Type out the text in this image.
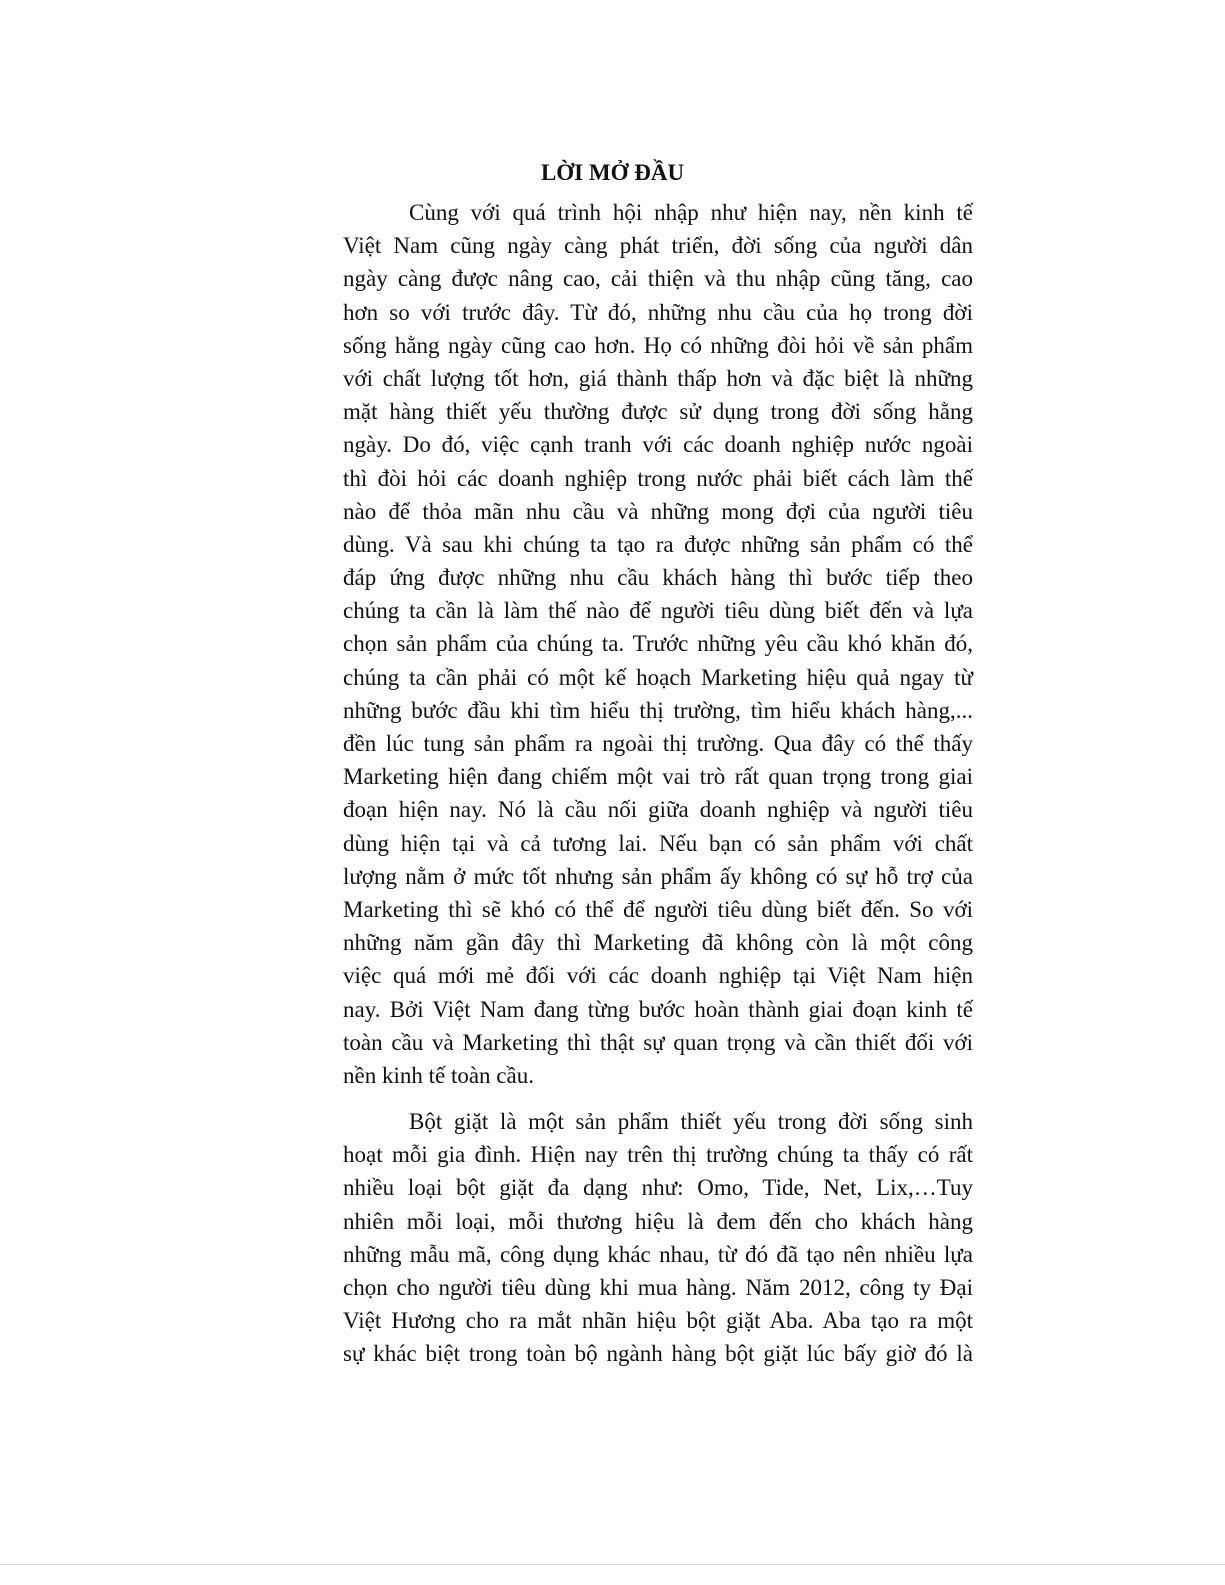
LỜI MỞ ĐẦU
Cùng với quá trình hội nhập như hiện nay, nền kinh tế
Việt Nam cũng ngày càng phát triển, đời sống của người dân
ngày càng được nâng cao, cải thiện và thu nhập cũng tăng, cao
hơn so với trước đây. Từ đó, những nhu cầu của họ trong đời
sống hằng ngày cũng cao hơn. Họ có những đòi hỏi về sản phẩm
với chất lượng tốt hơn, giá thành thấp hơn và đặc biệt là những
mặt hàng thiết yếu thường được sử dụng trong đời sống hằng
ngày. Do đó, việc cạnh tranh với các doanh nghiệp nước ngoài
thì đòi hỏi các doanh nghiệp trong nước phải biết cách làm thế
nào để thỏa mãn nhu cầu và những mong đợi của người tiêu
dùng. Và sau khi chúng ta tạo ra được những sản phẩm có thể
đáp ứng được những nhu cầu khách hàng thì bước tiếp theo
chúng ta cần là làm thế nào để người tiêu dùng biết đến và lựa
chọn sản phẩm của chúng ta. Trước những yêu cầu khó khăn đó,
chúng ta cần phải có một kế hoạch Marketing hiệu quả ngay từ
những bước đầu khi tìm hiểu thị trường, tìm hiểu khách hàng,...
đền lúc tung sản phẩm ra ngoài thị trường. Qua đây có thể thấy
Marketing hiện đang chiếm một vai trò rất quan trọng trong giai
đoạn hiện nay. Nó là cầu nối giữa doanh nghiệp và người tiêu
dùng hiện tại và cả tương lai. Nếu bạn có sản phẩm với chất
lượng nằm ở mức tốt nhưng sản phẩm ấy không có sự hỗ trợ của
Marketing thì sẽ khó có thể để người tiêu dùng biết đến. So với
những năm gần đây thì Marketing đã không còn là một công
việc quá mới mẻ đối với các doanh nghiệp tại Việt Nam hiện
nay. Bởi Việt Nam đang từng bước hoàn thành giai đoạn kinh tế
toàn cầu và Marketing thì thật sự quan trọng và cần thiết đối với
nền kinh tế toàn cầu.
Bột giặt là một sản phẩm thiết yếu trong đời sống sinh
hoạt mỗi gia đình. Hiện nay trên thị trường chúng ta thấy có rất
nhiều loại bột giặt đa dạng như: Omo, Tide, Net, Lix,…Tuy
nhiên mỗi loại, mỗi thương hiệu là đem đến cho khách hàng
những mẫu mã, công dụng khác nhau, từ đó đã tạo nên nhiều lựa
chọn cho người tiêu dùng khi mua hàng. Năm 2012, công ty Đại
Việt Hương cho ra mắt nhãn hiệu bột giặt Aba. Aba tạo ra một
sự khác biệt trong toàn bộ ngành hàng bột giặt lúc bấy giờ đó là
